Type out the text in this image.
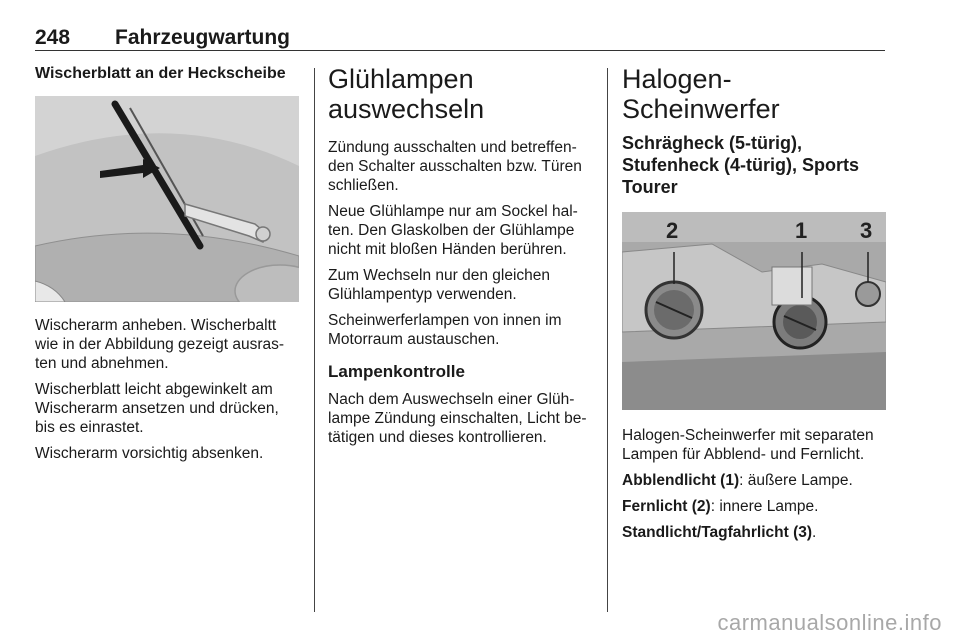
248 Fahrzeugwartung
Wischerblatt an der Heckscheibe

Wischerarm anheben. Wischerbaltt wie in der Abbildung gezeigt ausras- ten und abnehmen.

Wischerblatt leicht abgewinkelt am Wischerarm ansetzen und drücken, bis es einrastet.

Wischerarm vorsichtig absenken.

Glühlampen
auswechseln

Zündung ausschalten und betreffen- den Schalter ausschalten bzw. Türen schließen.

Neue Glühlampe nur am Sockel hal- ten. Den Glaskolben der Glühlampe nicht mit bloßen Händen berühren.

Zum Wechseln nur den gleichen Glühlampentyp verwenden.

Scheinwerferlampen von innen im Motorraum austauschen.

Lampenkontrolle

Nach dem Auswechseln einer Glüh- lampe Zündung einschalten, Licht be- tätigen und dieses kontrollieren.

Halogen-Scheinwerfer
Schrägheck (5-türig), Stufenheck (4-türig), Sports Tourer
2	1 3

Halogen-Scheinwerfer mit separaten Lampen für Abblend- und Fernlicht.

Abblendlicht (1): äußere Lampe.

Fernlicht (2): innere Lampe.

Standlicht/Tagfahrlicht (3).

carmanualsonline.info
